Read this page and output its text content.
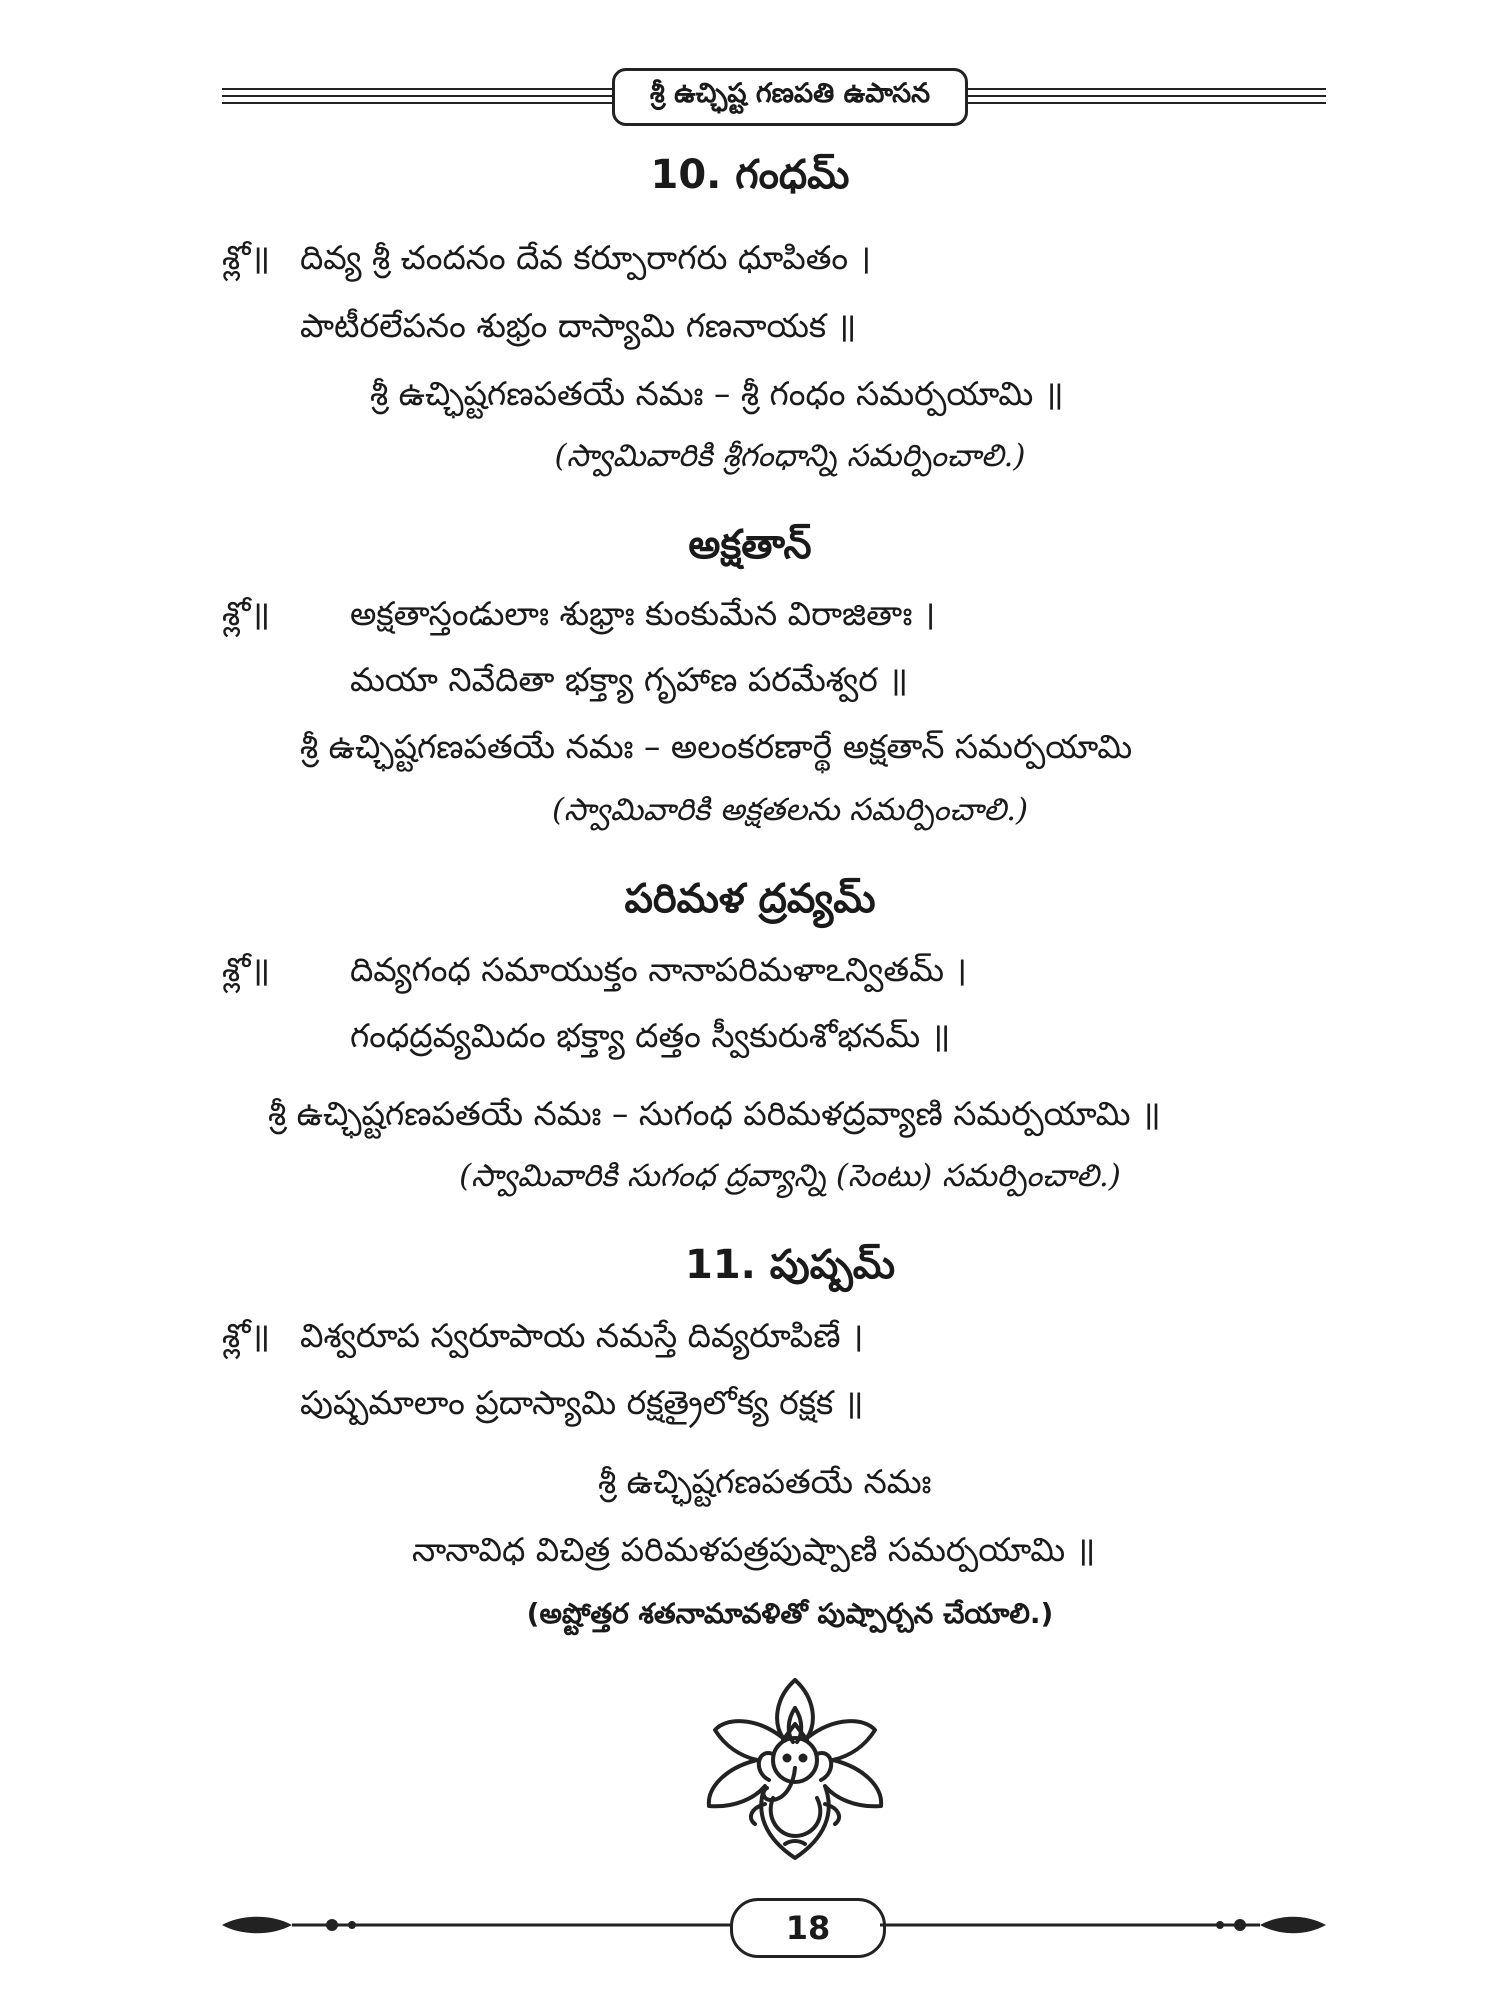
శ్రీ ఉచ్ఛిష్ట గణపతి ఉపాసన
10. గంధమ్
శ్లో॥ దివ్య శ్రీ చందనం దేవ కర్పూరాగరు ధూపితం ।
పాటీరలేపనం శుభ్రం దాస్యామి గణనాయక ॥
శ్రీ ఉచ్ఛిష్టగణపతయే నమః – శ్రీ గంధం సమర్పయామి ॥
(స్వామివారికి శ్రీగంధాన్ని సమర్పించాలి.)
అక్షతాన్
శ్లో॥ అక్షతాస్తండులాః శుభ్రాః కుంకుమేన విరాజితాః ।
మయా నివేదితా భక్త్యా గృహాణ పరమేశ్వర ॥
శ్రీ ఉచ్ఛిష్టగణపతయే నమః – అలంకరణార్థే అక్షతాన్ సమర్పయామి
(స్వామివారికి అక్షతలను సమర్పించాలి.)
పరిమళ ద్రవ్యమ్
శ్లో॥ దివ్యగంధ సమాయుక్తం నానాపరిమళాఽన్వితమ్ ।
గంధద్రవ్యమిదం భక్త్యా దత్తం స్వీకురుశోభనమ్ ॥
శ్రీ ఉచ్ఛిష్టగణపతయే నమః – సుగంధ పరిమళద్రవ్యాణి సమర్పయామి ॥
(స్వామివారికి సుగంధ ద్రవ్యాన్ని (సెంటు) సమర్పించాలి.)
11. పుష్పమ్
శ్లో॥ విశ్వరూప స్వరూపాయ నమస్తే దివ్యరూపిణే ।
పుష్పమాలాం ప్రదాస్యామి రక్షత్రైలోక్య రక్షక ॥
శ్రీ ఉచ్ఛిష్టగణపతయే నమః
నానావిధ విచిత్ర పరిమళపత్రపుష్పాణి సమర్పయామి ॥
(అష్టోత్తర శతనామావళితో పుష్పార్చన చేయాలి.)
18
